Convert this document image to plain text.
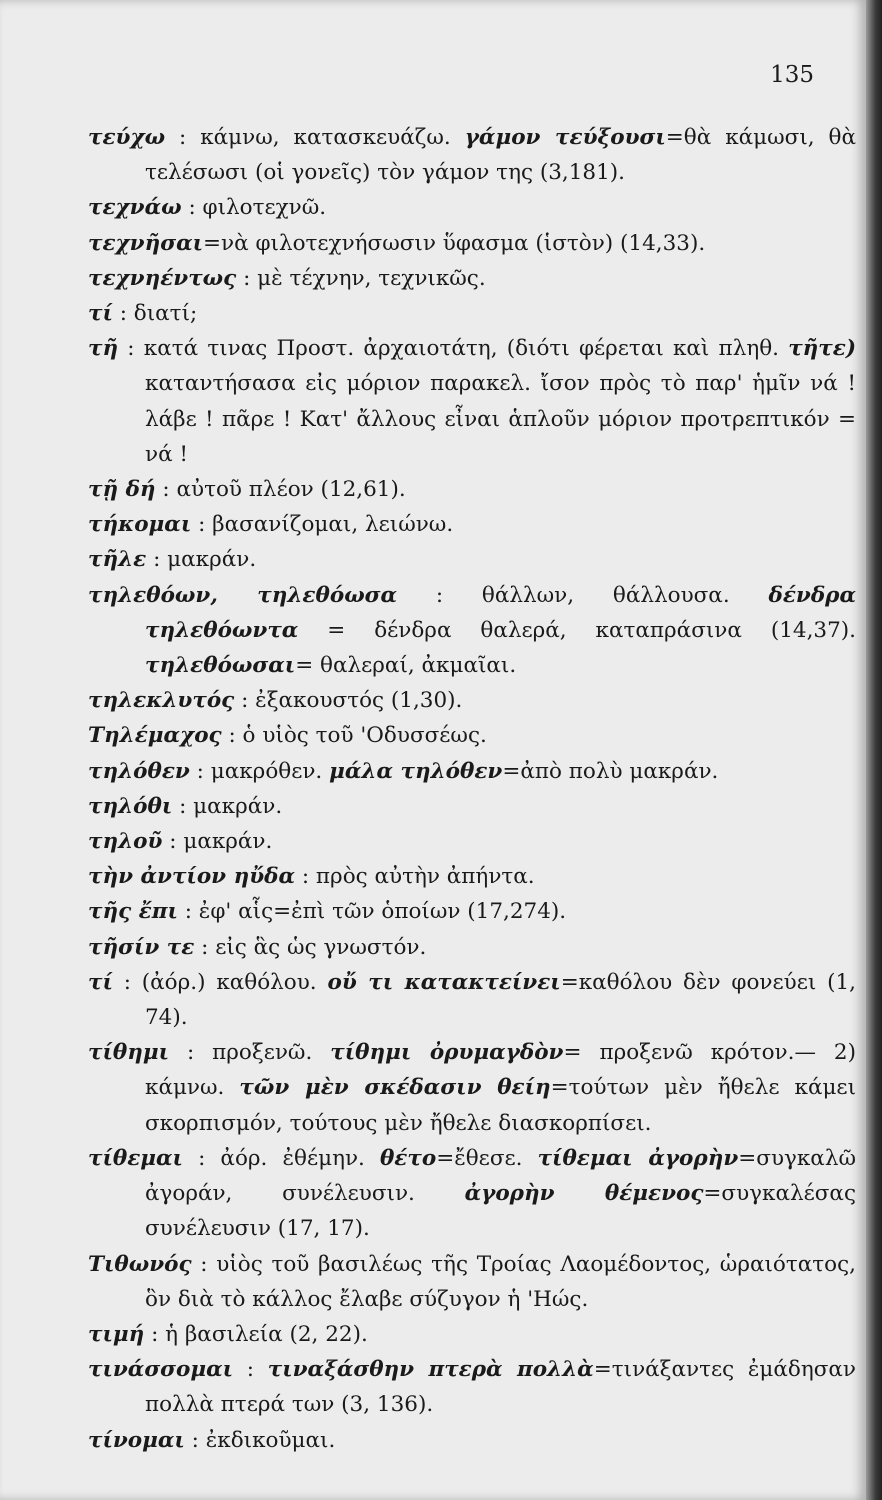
135
τεύχω : κάμνω, κατασκευάζω. γάμον τεύξουσι=θὰ κάμωσι, θὰ τελέσωσι (οἱ γονεῖς) τὸν γάμον της (3,181).
τεχνάω : φιλοτεχνῶ.
τεχνῆσαι=νὰ φιλοτεχνήσωσιν ὕφασμα (ἱστὸν) (14,33).
τεχνηέντως : μὲ τέχνην, τεχνικῶς.
τί : διατί;
τῆ : κατά τινας Προστ. ἀρχαιοτάτη, (διότι φέρεται καὶ πληθ. τῆτε) καταντήσασα εἰς μόριον παρακελ. ἴσον πρὸς τὸ παρ' ἡμῖν νά ! λάβε ! πᾶρε ! Κατ' ἄλλους εἶναι ἁπλοῦν μόριον προτρεπτικόν = νά !
τῇ δή : αὐτοῦ πλέον (12,61).
τήκομαι : βασανίζομαι, λειώνω.
τῆλε : μακράν.
τηλεθόων, τηλεθόωσα : θάλλων, θάλλουσα. δένδρα τηλεθόωντα = δένδρα θαλερά, καταπράσινα (14,37). τηλεθόωσαι= θαλεραί, ἀκμαῖαι.
τηλεκλυτός : ἐξακουστός (1,30).
Τηλέμαχος : ὁ υἱὸς τοῦ 'Οδυσσέως.
τηλόθεν : μακρόθεν. μάλα τηλόθεν=ἀπὸ πολὺ μακράν.
τηλόθι : μακράν.
τηλοῦ : μακράν.
τὴν ἀντίον ηὔδα : πρὸς αὐτὴν ἀπήντα.
τῆς ἔπι : ἐφ' αἷς=ἐπὶ τῶν ὁποίων (17,274).
τῆσίν τε : εἰς ἃς ὡς γνωστόν.
τί : (ἀόρ.) καθόλου. οὔ τι κατακτείνει=καθόλου δὲν φονεύει (1, 74).
τίθημι : προξενῶ. τίθημι ὀρυμαγδὸν= προξενῶ κρότον.— 2) κάμνω. τῶν μὲν σκέδασιν θείη=τούτων μὲν ἤθελε κάμει σκορπισμόν, τούτους μὲν ἤθελε διασκορπίσει.
τίθεμαι : ἀόρ. ἐθέμην. θέτο=ἔθεσε. τίθεμαι ἀγορὴν=συγκαλῶ ἀγοράν, συνέλευσιν. ἀγορὴν θέμενος=συγκαλέσας συνέλευσιν (17, 17).
Τιθωνός : υἱὸς τοῦ βασιλέως τῆς Τροίας Λαομέδοντος, ὡραιότατος, ὃν διὰ τὸ κάλλος ἔλαβε σύζυγον ἡ 'Ηώς.
τιμή : ἡ βασιλεία (2, 22).
τινάσσομαι : τιναξάσθην πτερὰ πολλὰ=τινάξαντες ἐμάδησαν πολλὰ πτερά των (3, 136).
τίνομαι : ἐκδικοῦμαι.
